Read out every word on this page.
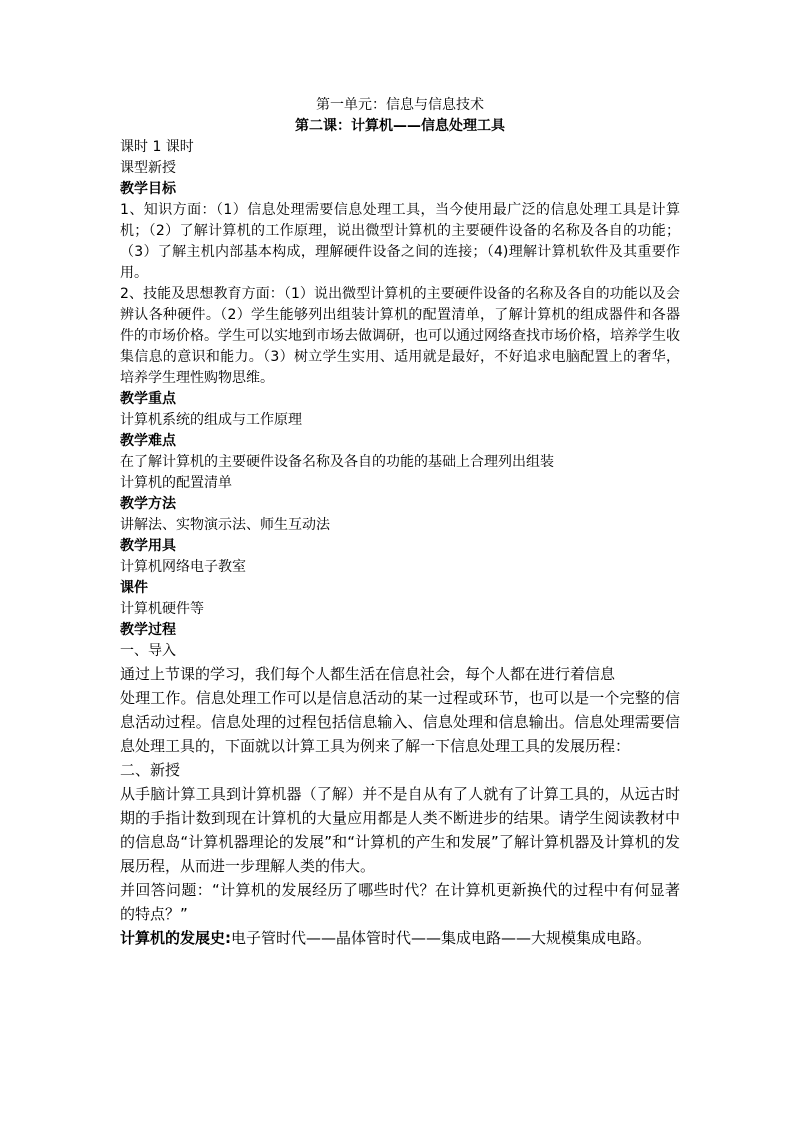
第一单元：信息与信息技术

第二课：计算机——信息处理工具

课时 1 课时

课型新授

教学目标

1、知识方面：（1）信息处理需要信息处理工具，当今使用最广泛的信息处理工具是计算机；（2）了解计算机的工作原理，说出微型计算机的主要硬件设备的名称及各自的功能；（3）了解主机内部基本构成，理解硬件设备之间的连接；（4)理解计算机软件及其重要作用。

2、技能及思想教育方面：（1）说出微型计算机的主要硬件设备的名称及各自的功能以及会辨认各种硬件。（2）学生能够列出组装计算机的配置清单，了解计算机的组成器件和各器件的市场价格。学生可以实地到市场去做调研，也可以通过网络查找市场价格，培养学生收集信息的意识和能力。（3）树立学生实用、适用就是最好，不好追求电脑配置上的奢华，培养学生理性购物思维。

教学重点

计算机系统的组成与工作原理

教学难点

在了解计算机的主要硬件设备名称及各自的功能的基础上合理列出组装

计算机的配置清单

教学方法

讲解法、实物演示法、师生互动法

教学用具

计算机网络电子教室

课件

计算机硬件等

教学过程

一、导入

通过上节课的学习，我们每个人都生活在信息社会，每个人都在进行着信息

处理工作。信息处理工作可以是信息活动的某一过程或环节，也可以是一个完整的信息活动过程。信息处理的过程包括信息输入、信息处理和信息输出。信息处理需要信息处理工具的，下面就以计算工具为例来了解一下信息处理工具的发展历程：

二、新授

从手脑计算工具到计算机器（了解）并不是自从有了人就有了计算工具的，从远古时期的手指计数到现在计算机的大量应用都是人类不断进步的结果。请学生阅读教材中的信息岛“计算机器理论的发展”和“计算机的产生和发展”了解计算机器及计算机的发展历程，从而进一步理解人类的伟大。

并回答问题：“计算机的发展经历了哪些时代？在计算机更新换代的过程中有何显著的特点？”

计算机的发展史:电子管时代——晶体管时代——集成电路——大规模集成电路。
